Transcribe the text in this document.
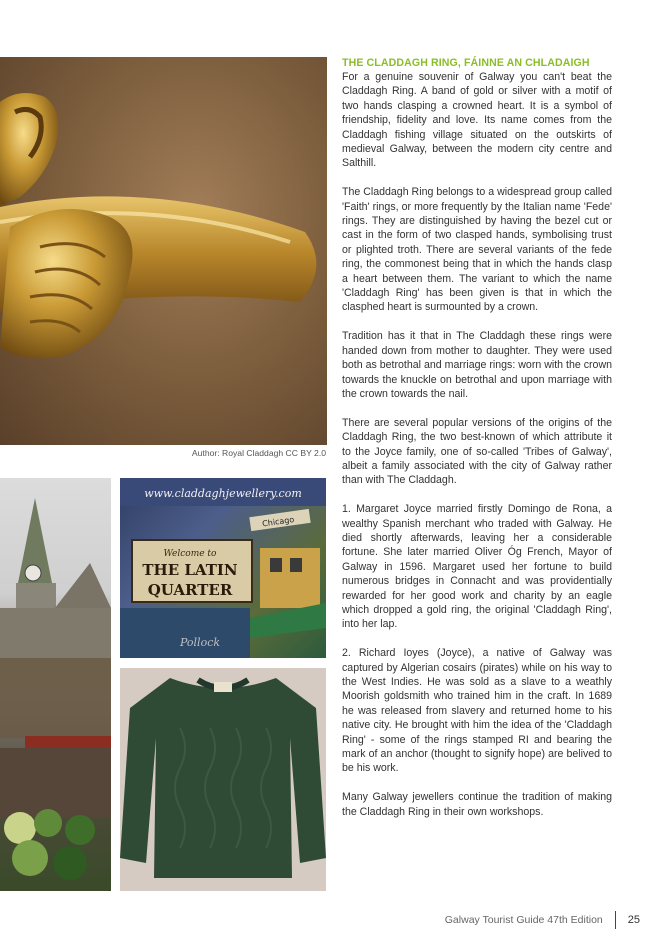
Author: Royal Claddagh CC BY 2.0
www.claddaghjewellery.com
Chicago
Welcome to
THE LATIN
QUARTER
Pollock
THE CLADDAGH RING, FÁINNE AN CHLADAIGH

For a genuine souvenir of Galway you can't beat the Claddagh Ring. A band of gold or silver with a motif of two hands clasping a crowned heart. It is a symbol of friendship, fidelity and love. Its name comes from the Claddagh fishing village situated on the outskirts of medieval Galway, between the modern city centre and Salthill.

The Claddagh Ring belongs to a widespread group called 'Faith' rings, or more frequently by the Italian name 'Fede' rings. They are distinguished by having the bezel cut or cast in the form of two clasped hands, symbolising trust or plighted troth. There are several variants of the fede ring, the commonest being that in which the hands clasp a heart between them. The variant to which the name 'Claddagh Ring' has been given is that in which the clasphed heart is surmounted by a crown.

Tradition has it that in The Claddagh these rings were handed down from mother to daughter. They were used both as betrothal and marriage rings: worn with the crown towards the knuckle on betrothal and upon marriage with the crown towards the nail.

There are several popular versions of the origins of the Claddagh Ring, the two best-known of which attribute it to the Joyce family, one of so-called 'Tribes of Galway', albeit a family associated with the city of Galway rather than with The Claddagh.

1. Margaret Joyce married firstly Domingo de Rona, a wealthy Spanish merchant who traded with Galway. He died shortly afterwards, leaving her a considerable fortune. She later married Oliver Óg French, Mayor of Galway in 1596. Margaret used her fortune to build numerous bridges in Connacht and was providentially rewarded for her good work and charity by an eagle which dropped a gold ring, the original 'Claddagh Ring', into her lap.

2. Richard Ioyes (Joyce), a native of Galway was captured by Algerian cosairs (pirates) while on his way to the West Indies. He was sold as a slave to a weathly Moorish goldsmith who trained him in the craft. In 1689 he was released from slavery and returned home to his native city. He brought with him the idea of the 'Claddagh Ring' - some of the rings stamped RI and bearing the mark of an anchor (thought to signify hope) are belived to be his work.

Many Galway jewellers continue the tradition of making the Claddagh Ring in their own workshops.

Galway Tourist Guide 47th Edition 25
